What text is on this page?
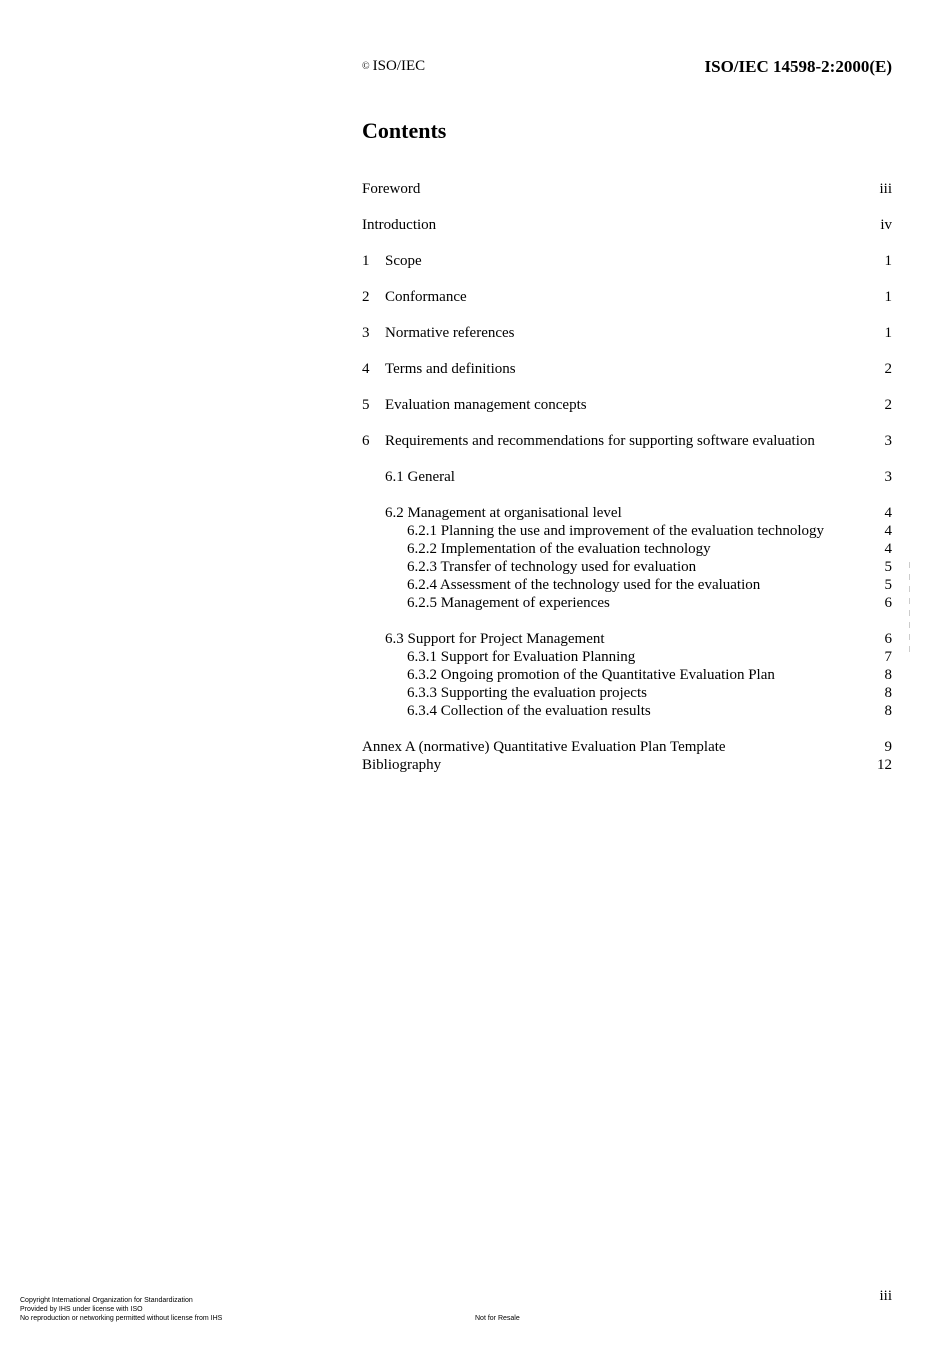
© ISO/IEC	ISO/IEC 14598-2:2000(E)
Contents
Foreword	iii
Introduction	iv
1 Scope	1
2 Conformance	1
3 Normative references	1
4 Terms and definitions	2
5 Evaluation management concepts	2
6 Requirements and recommendations for supporting software evaluation	3
6.1 General	3
6.2 Management at organisational level	4
6.2.1 Planning the use and improvement of the evaluation technology	4
6.2.2 Implementation of the evaluation technology	4
6.2.3 Transfer of technology used for evaluation	5
6.2.4 Assessment of the technology used for the evaluation	5
6.2.5 Management of experiences	6
6.3 Support for Project Management	6
6.3.1 Support for Evaluation Planning	7
6.3.2 Ongoing promotion of the Quantitative Evaluation Plan	8
6.3.3 Supporting the evaluation projects	8
6.3.4 Collection of the evaluation results	8
Annex A (normative) Quantitative Evaluation Plan Template	9
Bibliography	12
iii
Copyright International Organization for Standardization
Provided by IHS under license with ISO
No reproduction or networking permitted without license from IHS	Not for Resale
